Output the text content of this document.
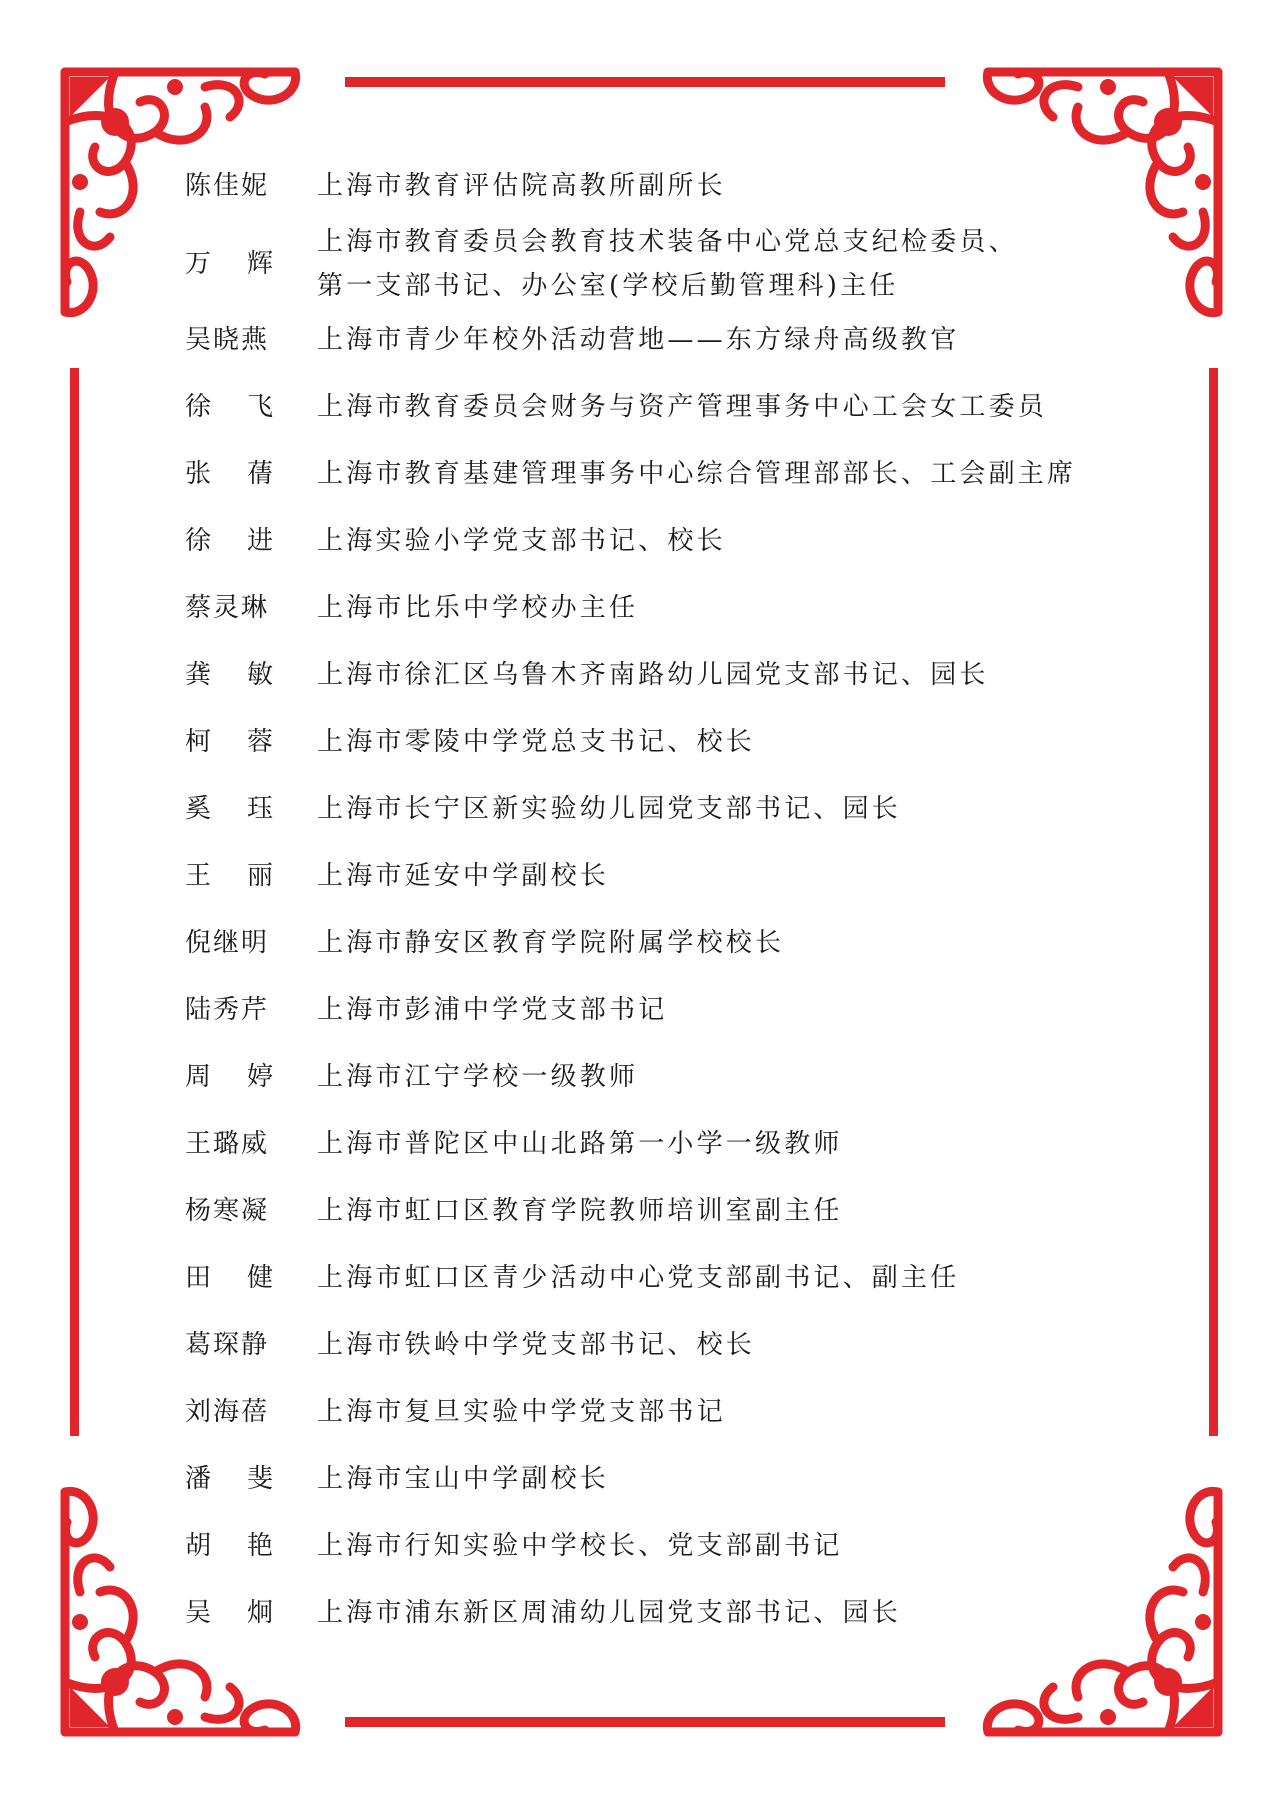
陈佳妮 上海市教育评估院高教所副所长
万 辉
上海市教育委员会教育技术装备中心党总支纪检委员、
第一支部书记、办公室(学校后勤管理科)主任
吴晓燕 上海市青少年校外活动营地——东方绿舟高级教官
徐 飞 上海市教育委员会财务与资产管理事务中心工会女工委员
张 蒨 上海市教育基建管理事务中心综合管理部部长、工会副主席
徐 进 上海实验小学党支部书记、校长
蔡灵琳 上海市比乐中学校办主任
龚 敏 上海市徐汇区乌鲁木齐南路幼儿园党支部书记、园长
柯 蓉 上海市零陵中学党总支书记、校长
奚 珏 上海市长宁区新实验幼儿园党支部书记、园长
王 丽 上海市延安中学副校长
倪继明 上海市静安区教育学院附属学校校长
陆秀芹 上海市彭浦中学党支部书记
周 婷 上海市江宁学校一级教师
王璐威 上海市普陀区中山北路第一小学一级教师
杨寒凝 上海市虹口区教育学院教师培训室副主任
田 健 上海市虹口区青少活动中心党支部副书记、副主任
葛琛静 上海市铁岭中学党支部书记、校长
刘海蓓 上海市复旦实验中学党支部书记
潘 斐 上海市宝山中学副校长
胡 艳 上海市行知实验中学校长、党支部副书记
吴 炯 上海市浦东新区周浦幼儿园党支部书记、园长
